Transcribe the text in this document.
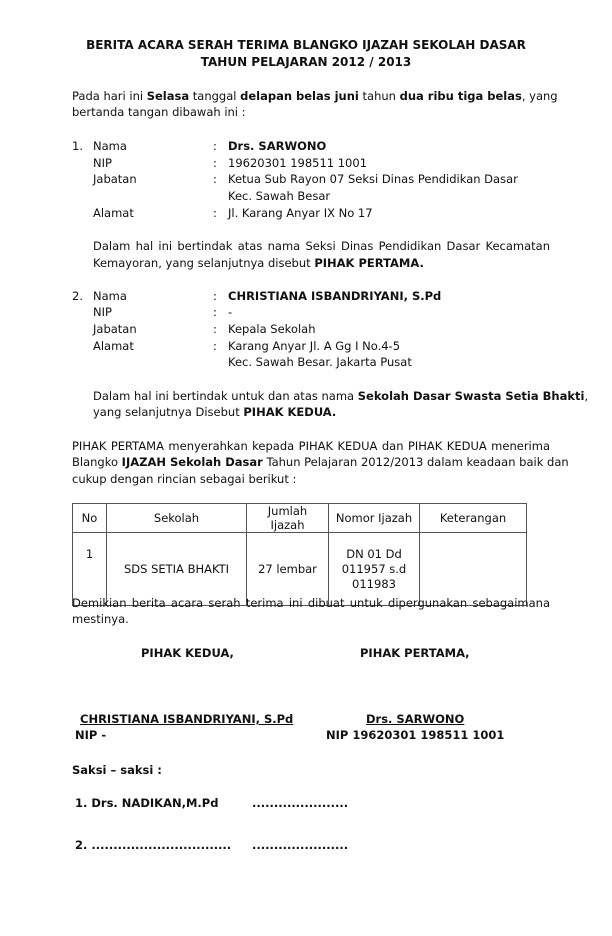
BERITA ACARA SERAH TERIMA BLANGKO IJAZAH SEKOLAH DASAR
TAHUN PELAJARAN 2012 / 2013
Pada hari ini Selasa tanggal delapan belas juni tahun dua ribu tiga belas, yang
bertanda tangan dibawah ini :
1. Nama	: Drs. SARWONO
NIP	: 19620301 198511 1001
Jabatan	: Ketua Sub Rayon 07 Seksi Dinas Pendidikan Dasar
Kec. Sawah Besar
Alamat	: Jl. Karang Anyar IX No 17
Dalam hal ini bertindak atas nama Seksi Dinas Pendidikan Dasar Kecamatan
Kemayoran, yang selanjutnya disebut PIHAK PERTAMA.
2. Nama	: CHRISTIANA ISBANDRIYANI, S.Pd
NIP	: -
Jabatan	: Kepala Sekolah
Alamat	: Karang Anyar Jl. A Gg I No.4-5
Kec. Sawah Besar. Jakarta Pusat
Dalam hal ini bertindak untuk dan atas nama Sekolah Dasar Swasta Setia Bhakti,
yang selanjutnya Disebut PIHAK KEDUA.
PIHAK PERTAMA menyerahkan kepada PIHAK KEDUA dan PIHAK KEDUA menerima
Blangko IJAZAH Sekolah Dasar Tahun Pelajaran 2012/2013 dalam keadaan baik dan
cukup dengan rincian sebagai berikut :
No	Sekolah	Jumlah Ijazah	Nomor Ijazah	Keterangan
1	SDS SETIA BHAKTI	27 lembar	DN 01 Dd
011957 s.d
011983	

Demikian berita acara serah terima ini dibuat untuk dipergunakan sebagaimana
mestinya.
PIHAK KEDUA,	PIHAK PERTAMA,
CHRISTIANA ISBANDRIYANI, S.Pd	Drs. SARWONO
NIP -	NIP 19620301 198511 1001
Saksi – saksi :
1. Drs. NADIKAN,M.Pd	......................
2. ................................ ......................
